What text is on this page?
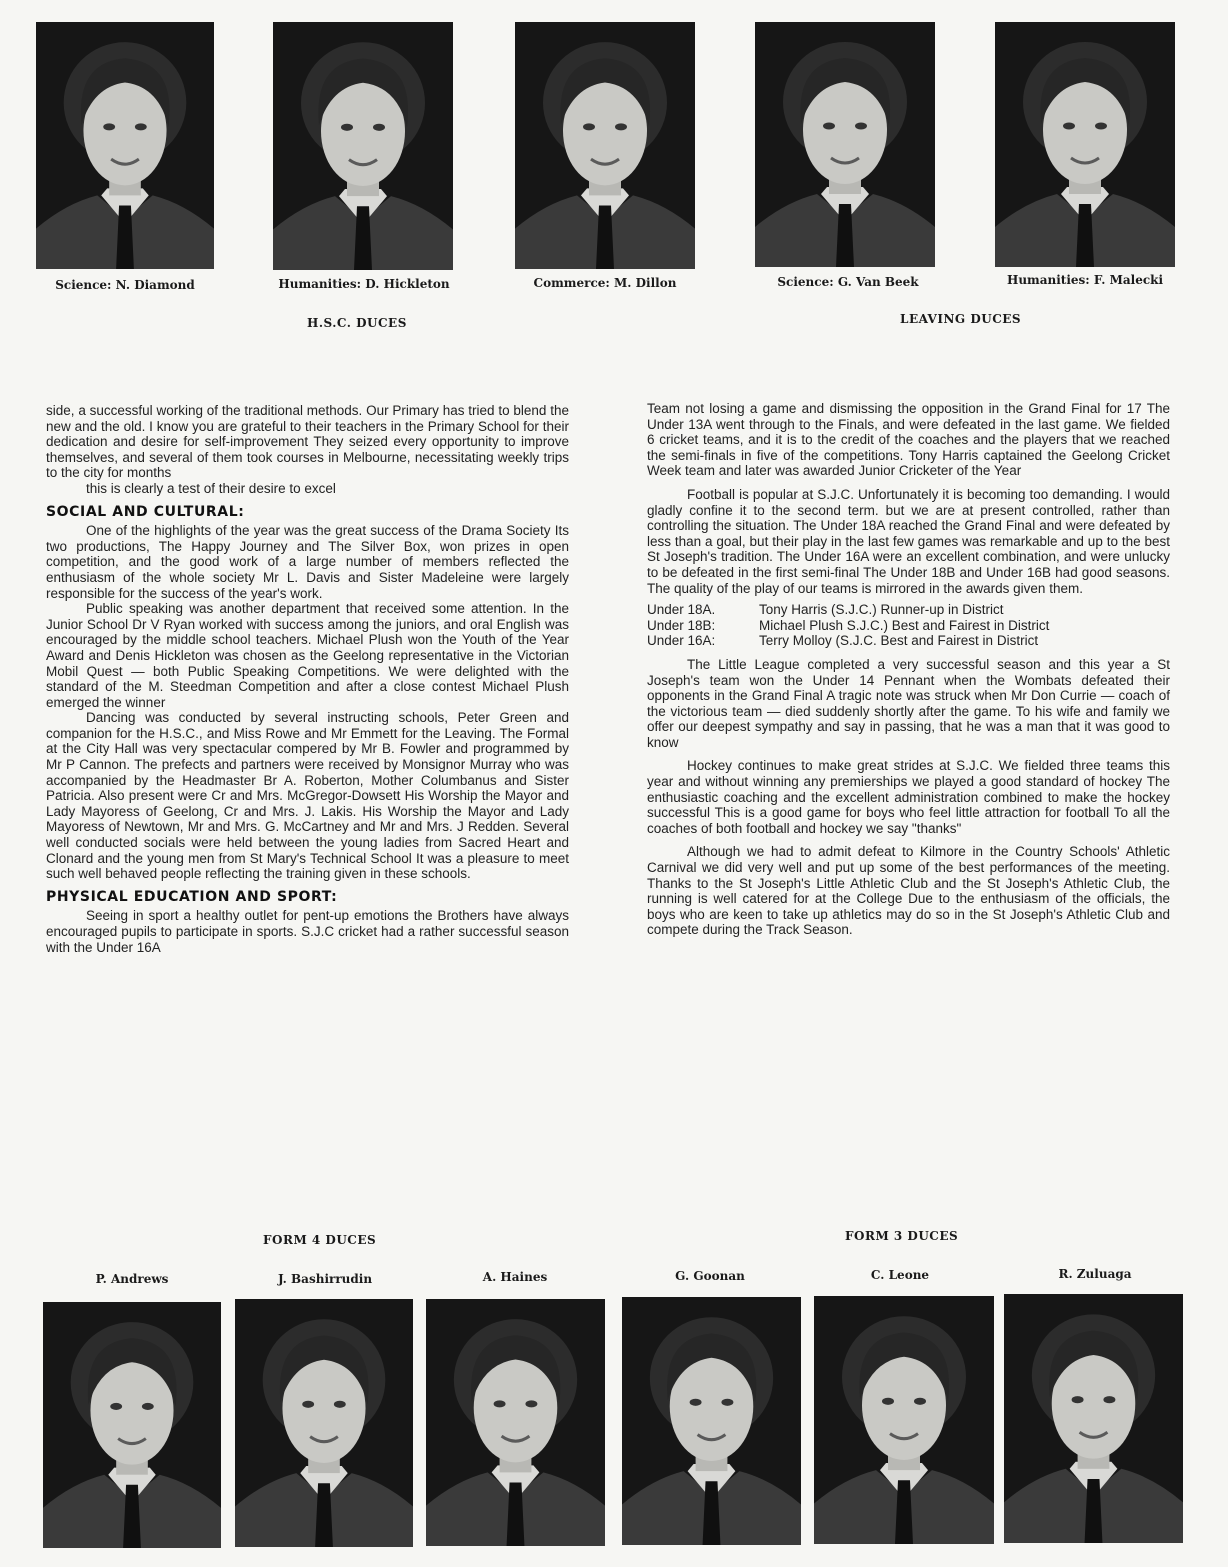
Science: N. Diamond	Humanities: D. Hickleton	Commerce: M. Dillon	Science: G. Van Beek	Humanities: F. Malecki
H.S.C. DUCES	LEAVING DUCES

side, a successful working of the traditional methods. Our Primary has tried to blend the new and the old. I know you are grateful to their teachers in the Primary School for their dedication and desire for self-improvement They seized every opportunity to improve themselves, and several of them took courses in Melbourne, necessitating weekly trips to the city for months

this is clearly a test of their desire to excel

SOCIAL AND CULTURAL:

One of the highlights of the year was the great success of the Drama Society Its two productions, The Happy Journey and The Silver Box, won prizes in open competition, and the good work of a large number of members reflected the enthusiasm of the whole society Mr L. Davis and Sister Madeleine were largely responsible for the success of the year's work.

Public speaking was another department that received some attention. In the Junior School Dr V Ryan worked with success among the juniors, and oral English was encouraged by the middle school teachers. Michael Plush won the Youth of the Year Award and Denis Hickleton was chosen as the Geelong representative in the Victorian Mobil Quest — both Public Speaking Competitions. We were delighted with the standard of the M. Steedman Competition and after a close contest Michael Plush emerged the winner

Dancing was conducted by several instructing schools, Peter Green and companion for the H.S.C., and Miss Rowe and Mr Emmett for the Leaving. The Formal at the City Hall was very spectacular compered by Mr B. Fowler and programmed by Mr P Cannon. The prefects and partners were received by Monsignor Murray who was accompanied by the Headmaster Br A. Roberton, Mother Columbanus and Sister Patricia. Also present were Cr and Mrs. McGregor-Dowsett His Worship the Mayor and Lady Mayoress of Geelong, Cr and Mrs. J. Lakis. His Worship the Mayor and Lady Mayoress of Newtown, Mr and Mrs. G. McCartney and Mr and Mrs. J Redden. Several well conducted socials were held between the young ladies from Sacred Heart and Clonard and the young men from St Mary's Technical School It was a pleasure to meet such well behaved people reflecting the training given in these schools.

PHYSICAL EDUCATION AND SPORT:

Seeing in sport a healthy outlet for pent-up emotions the Brothers have always encouraged pupils to participate in sports. S.J.C cricket had a rather successful season with the Under 16A

Team not losing a game and dismissing the opposition in the Grand Final for 17 The Under 13A went through to the Finals, and were defeated in the last game. We fielded 6 cricket teams, and it is to the credit of the coaches and the players that we reached the semi-finals in five of the competitions. Tony Harris captained the Geelong Cricket Week team and later was awarded Junior Cricketer of the Year

Football is popular at S.J.C. Unfortunately it is becoming too demanding. I would gladly confine it to the second term. but we are at present controlled, rather than controlling the situation. The Under 18A reached the Grand Final and were defeated by less than a goal, but their play in the last few games was remarkable and up to the best St Joseph's tradition. The Under 16A were an excellent combination, and were unlucky to be defeated in the first semi-final The Under 18B and Under 16B had good seasons. The quality of the play of our teams is mirrored in the awards given them.

Under 18A.	Tony Harris (S.J.C.) Runner-up in District
Under 18B:	Michael Plush S.J.C.) Best and Fairest in District
Under 16A:	Terry Molloy (S.J.C. Best and Fairest in District

The Little League completed a very successful season and this year a St Joseph's team won the Under 14 Pennant when the Wombats defeated their opponents in the Grand Final A tragic note was struck when Mr Don Currie — coach of the victorious team — died suddenly shortly after the game. To his wife and family we offer our deepest sympathy and say in passing, that he was a man that it was good to know

Hockey continues to make great strides at S.J.C. We fielded three teams this year and without winning any premierships we played a good standard of hockey The enthusiastic coaching and the excellent administration combined to make the hockey successful This is a good game for boys who feel little attraction for football To all the coaches of both football and hockey we say "thanks"

Although we had to admit defeat to Kilmore in the Country Schools' Athletic Carnival we did very well and put up some of the best performances of the meeting. Thanks to the St Joseph's Little Athletic Club and the St Joseph's Athletic Club, the running is well catered for at the College Due to the enthusiasm of the officials, the boys who are keen to take up athletics may do so in the St Joseph's Athletic Club and compete during the Track Season.

FORM 4 DUCES	FORM 3 DUCES
P. Andrews	J. Bashirrudin	A. Haines	G. Goonan	C. Leone	R. Zuluaga
